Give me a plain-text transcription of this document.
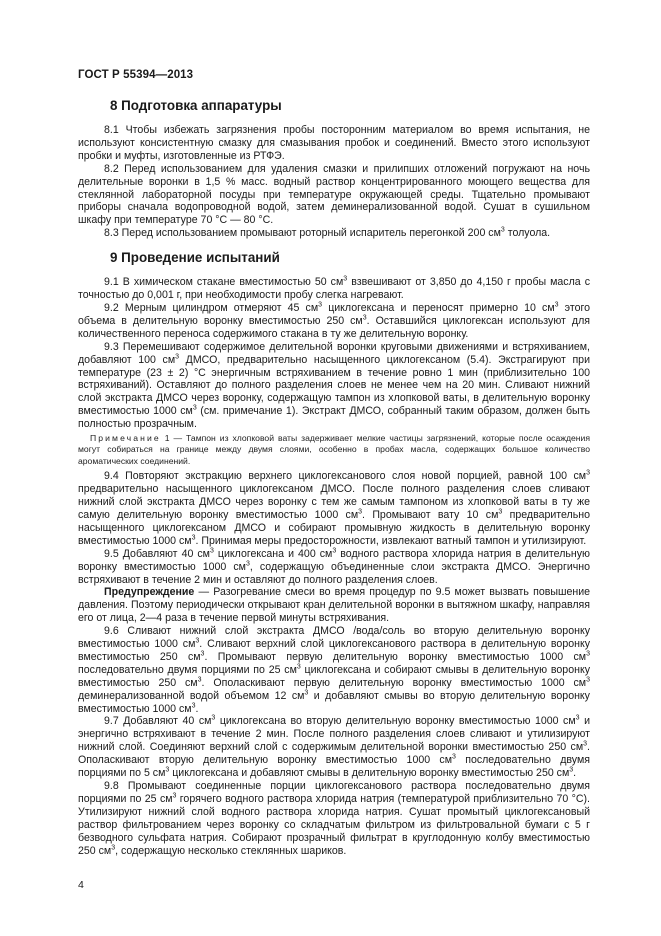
ГОСТ Р 55394—2013
8 Подготовка аппаратуры

8.1 Чтобы избежать загрязнения пробы посторонним материалом во время испытания, не используют консистентную смазку для смазывания пробок и соединений. Вместо этого используют пробки и муфты, изготовленные из РТФЭ.

8.2 Перед использованием для удаления смазки и прилипших отложений погружают на ночь делительные воронки в 1,5 % масс. водный раствор концентрированного моющего вещества для стеклянной лабораторной посуды при температуре окружающей среды. Тщательно промывают приборы сначала водопроводной водой, затем деминерализованной водой. Сушат в сушильном шкафу при температуре 70 °С — 80 °С.

8.3 Перед использованием промывают роторный испаритель перегонкой 200 $см^3$ толуола.

9 Проведение испытаний

9.1 В химическом стакане вместимостью 50 $см^3$ взвешивают от 3,850 до 4,150 г пробы масла с точностью до 0,001 г, при необходимости пробу слегка нагревают.

9.2 Мерным цилиндром отмеряют 45 $см^3$ циклогексана и переносят примерно 10 $см^3$ этого объема в делительную воронку вместимостью 250 $см^3$. Оставшийся циклогексан используют для количественного переноса содержимого стакана в ту же делительную воронку.

9.3 Перемешивают содержимое делительной воронки круговыми движениями и встряхиванием, добавляют 100 $см^3$ ДМСО, предварительно насыщенного циклогексаном (5.4). Экстрагируют при температуре (23 ± 2) °С энергичным встряхиванием в течение ровно 1 мин (приблизительно 100 встряхиваний). Оставляют до полного разделения слоев не менее чем на 20 мин. Сливают нижний слой экстракта ДМСО через воронку, содержащую тампон из хлопковой ваты, в делительную воронку вместимостью 1000 $см^3$ (см. примечание 1). Экстракт ДМСО, собранный таким образом, должен быть полностью прозрачным.

Примечание 1 — Тампон из хлопковой ваты задерживает мелкие частицы загрязнений, которые после осаждения могут собираться на границе между двумя слоями, особенно в пробах масла, содержащих большое количество ароматических соединений.

9.4 Повторяют экстракцию верхнего циклогексанового слоя новой порцией, равной 100 $см^3$ предварительно насыщенного циклогексаном ДМСО. После полного разделения слоев сливают нижний слой экстракта ДМСО через воронку с тем же самым тампоном из хлопковой ваты в ту же самую делительную воронку вместимостью 1000 $см^3$. Промывают вату 10 $см^3$ предварительно насыщенного циклогексаном ДМСО и собирают промывную жидкость в делительную воронку вместимостью 1000 $см^3$. Принимая меры предосторожности, извлекают ватный тампон и утилизируют.

9.5 Добавляют 40 $см^3$ циклогексана и 400 $см^3$ водного раствора хлорида натрия в делительную воронку вместимостью 1000 $см^3$, содержащую объединенные слои экстракта ДМСО. Энергично встряхивают в течение 2 мин и оставляют до полного разделения слоев.

Предупреждение — Разогревание смеси во время процедур по 9.5 может вызвать повышение давления. Поэтому периодически открывают кран делительной воронки в вытяжном шкафу, направляя его от лица, 2—4 раза в течение первой минуты встряхивания.

9.6 Сливают нижний слой экстракта ДМСО /вода/соль во вторую делительную воронку вместимостью 1000 $см^3$. Сливают верхний слой циклогексанового раствора в делительную воронку вместимостью 250 $см^3$. Промывают первую делительную воронку вместимостью 1000 $см^3$ последовательно двумя порциями по 25 $см^3$ циклогексана и собирают смывы в делительную воронку вместимостью 250 $см^3$. Ополаскивают первую делительную воронку вместимостью 1000 $см^3$ деминерализованной водой объемом 12 $см^3$ и добавляют смывы во вторую делительную воронку вместимостью 1000 $см^3$.

9.7 Добавляют 40 $см^3$ циклогексана во вторую делительную воронку вместимостью 1000 $см^3$ и энергично встряхивают в течение 2 мин. После полного разделения слоев сливают и утилизируют нижний слой. Соединяют верхний слой с содержимым делительной воронки вместимостью 250 $см^3$. Ополаскивают вторую делительную воронку вместимостью 1000 $см^3$ последовательно двумя порциями по 5 $см^3$ циклогексана и добавляют смывы в делительную воронку вместимостью 250 $см^3$.

9.8 Промывают соединенные порции циклогексанового раствора последовательно двумя порциями по 25 $см^3$ горячего водного раствора хлорида натрия (температурой приблизительно 70 °С). Утилизируют нижний слой водного раствора хлорида натрия. Сушат промытый циклогексановый раствор фильтрованием через воронку со складчатым фильтром из фильтровальной бумаги с 5 г безводного сульфата натрия. Собирают прозрачный фильтрат в круглодонную колбу вместимостью 250 $см^3$, содержащую несколько стеклянных шариков.

4
